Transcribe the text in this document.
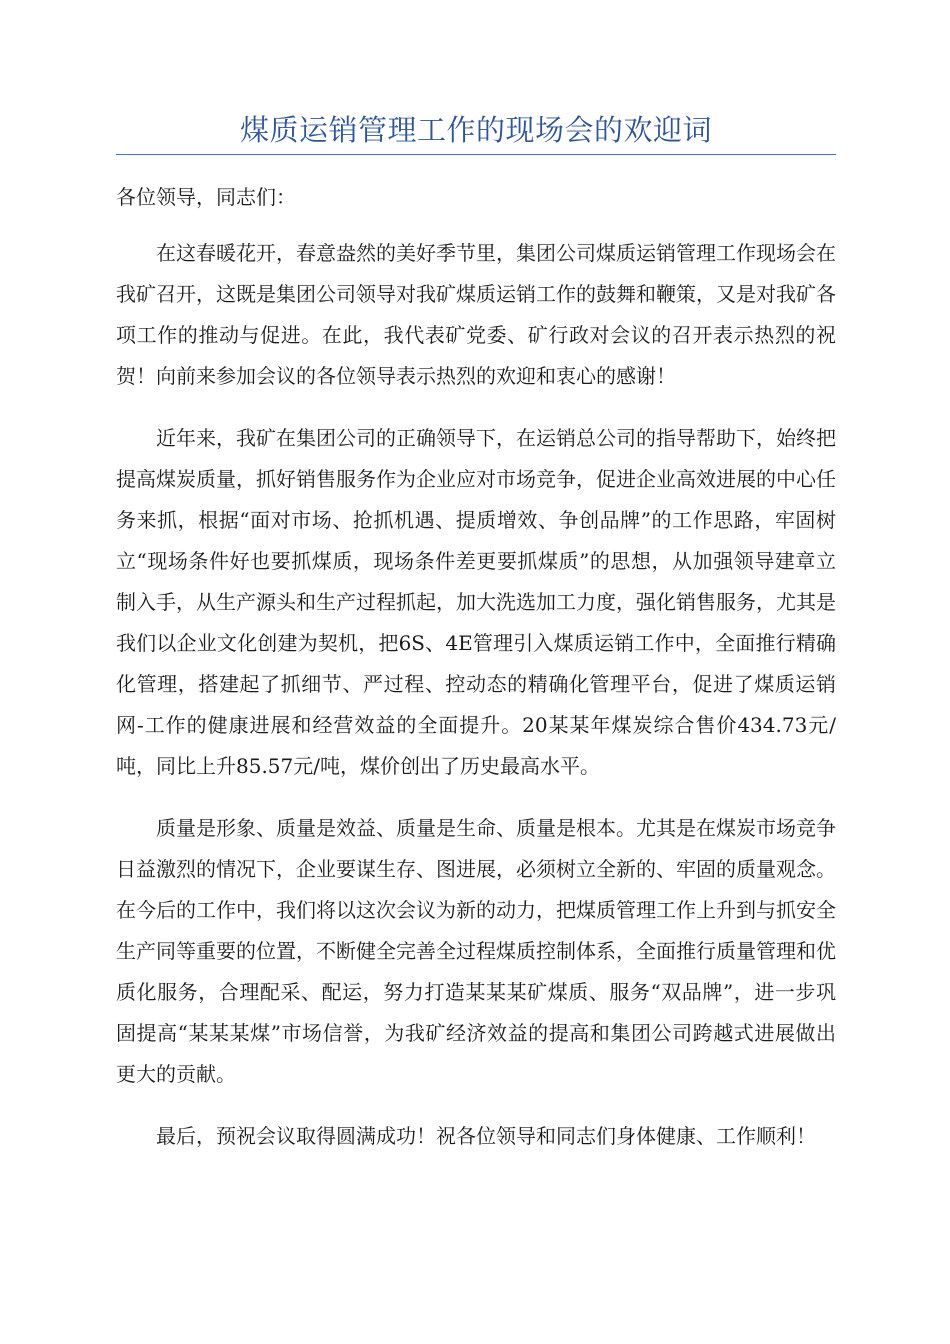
煤质运销管理工作的现场会的欢迎词

各位领导，同志们：

在这春暖花开，春意盎然的美好季节里，集团公司煤质运销管理工作现场会在我矿召开，这既是集团公司领导对我矿煤质运销工作的鼓舞和鞭策，又是对我矿各项工作的推动与促进。在此，我代表矿党委、矿行政对会议的召开表示热烈的祝贺！向前来参加会议的各位领导表示热烈的欢迎和衷心的感谢！

近年来，我矿在集团公司的正确领导下，在运销总公司的指导帮助下，始终把提高煤炭质量，抓好销售服务作为企业应对市场竞争，促进企业高效进展的中心任务来抓，根据“面对市场、抢抓机遇、提质增效、争创品牌”的工作思路，牢固树立“现场条件好也要抓煤质，现场条件差更要抓煤质”的思想，从加强领导建章立制入手，从生产源头和生产过程抓起，加大洗选加工力度，强化销售服务，尤其是我们以企业文化创建为契机，把6S、4E管理引入煤质运销工作中，全面推行精确化管理，搭建起了抓细节、严过程、控动态的精确化管理平台，促进了煤质运销网-工作的健康进展和经营效益的全面提升。20某某年煤炭综合售价434.73元/吨，同比上升85.57元/吨，煤价创出了历史最高水平。

质量是形象、质量是效益、质量是生命、质量是根本。尤其是在煤炭市场竞争日益激烈的情况下，企业要谋生存、图进展，必须树立全新的、牢固的质量观念。在今后的工作中，我们将以这次会议为新的动力，把煤质管理工作上升到与抓安全生产同等重要的位置，不断健全完善全过程煤质控制体系，全面推行质量管理和优质化服务，合理配采、配运，努力打造某某某矿煤质、服务“双品牌”，进一步巩固提高“某某某煤”市场信誉，为我矿经济效益的提高和集团公司跨越式进展做出更大的贡献。

最后，预祝会议取得圆满成功！祝各位领导和同志们身体健康、工作顺利！
